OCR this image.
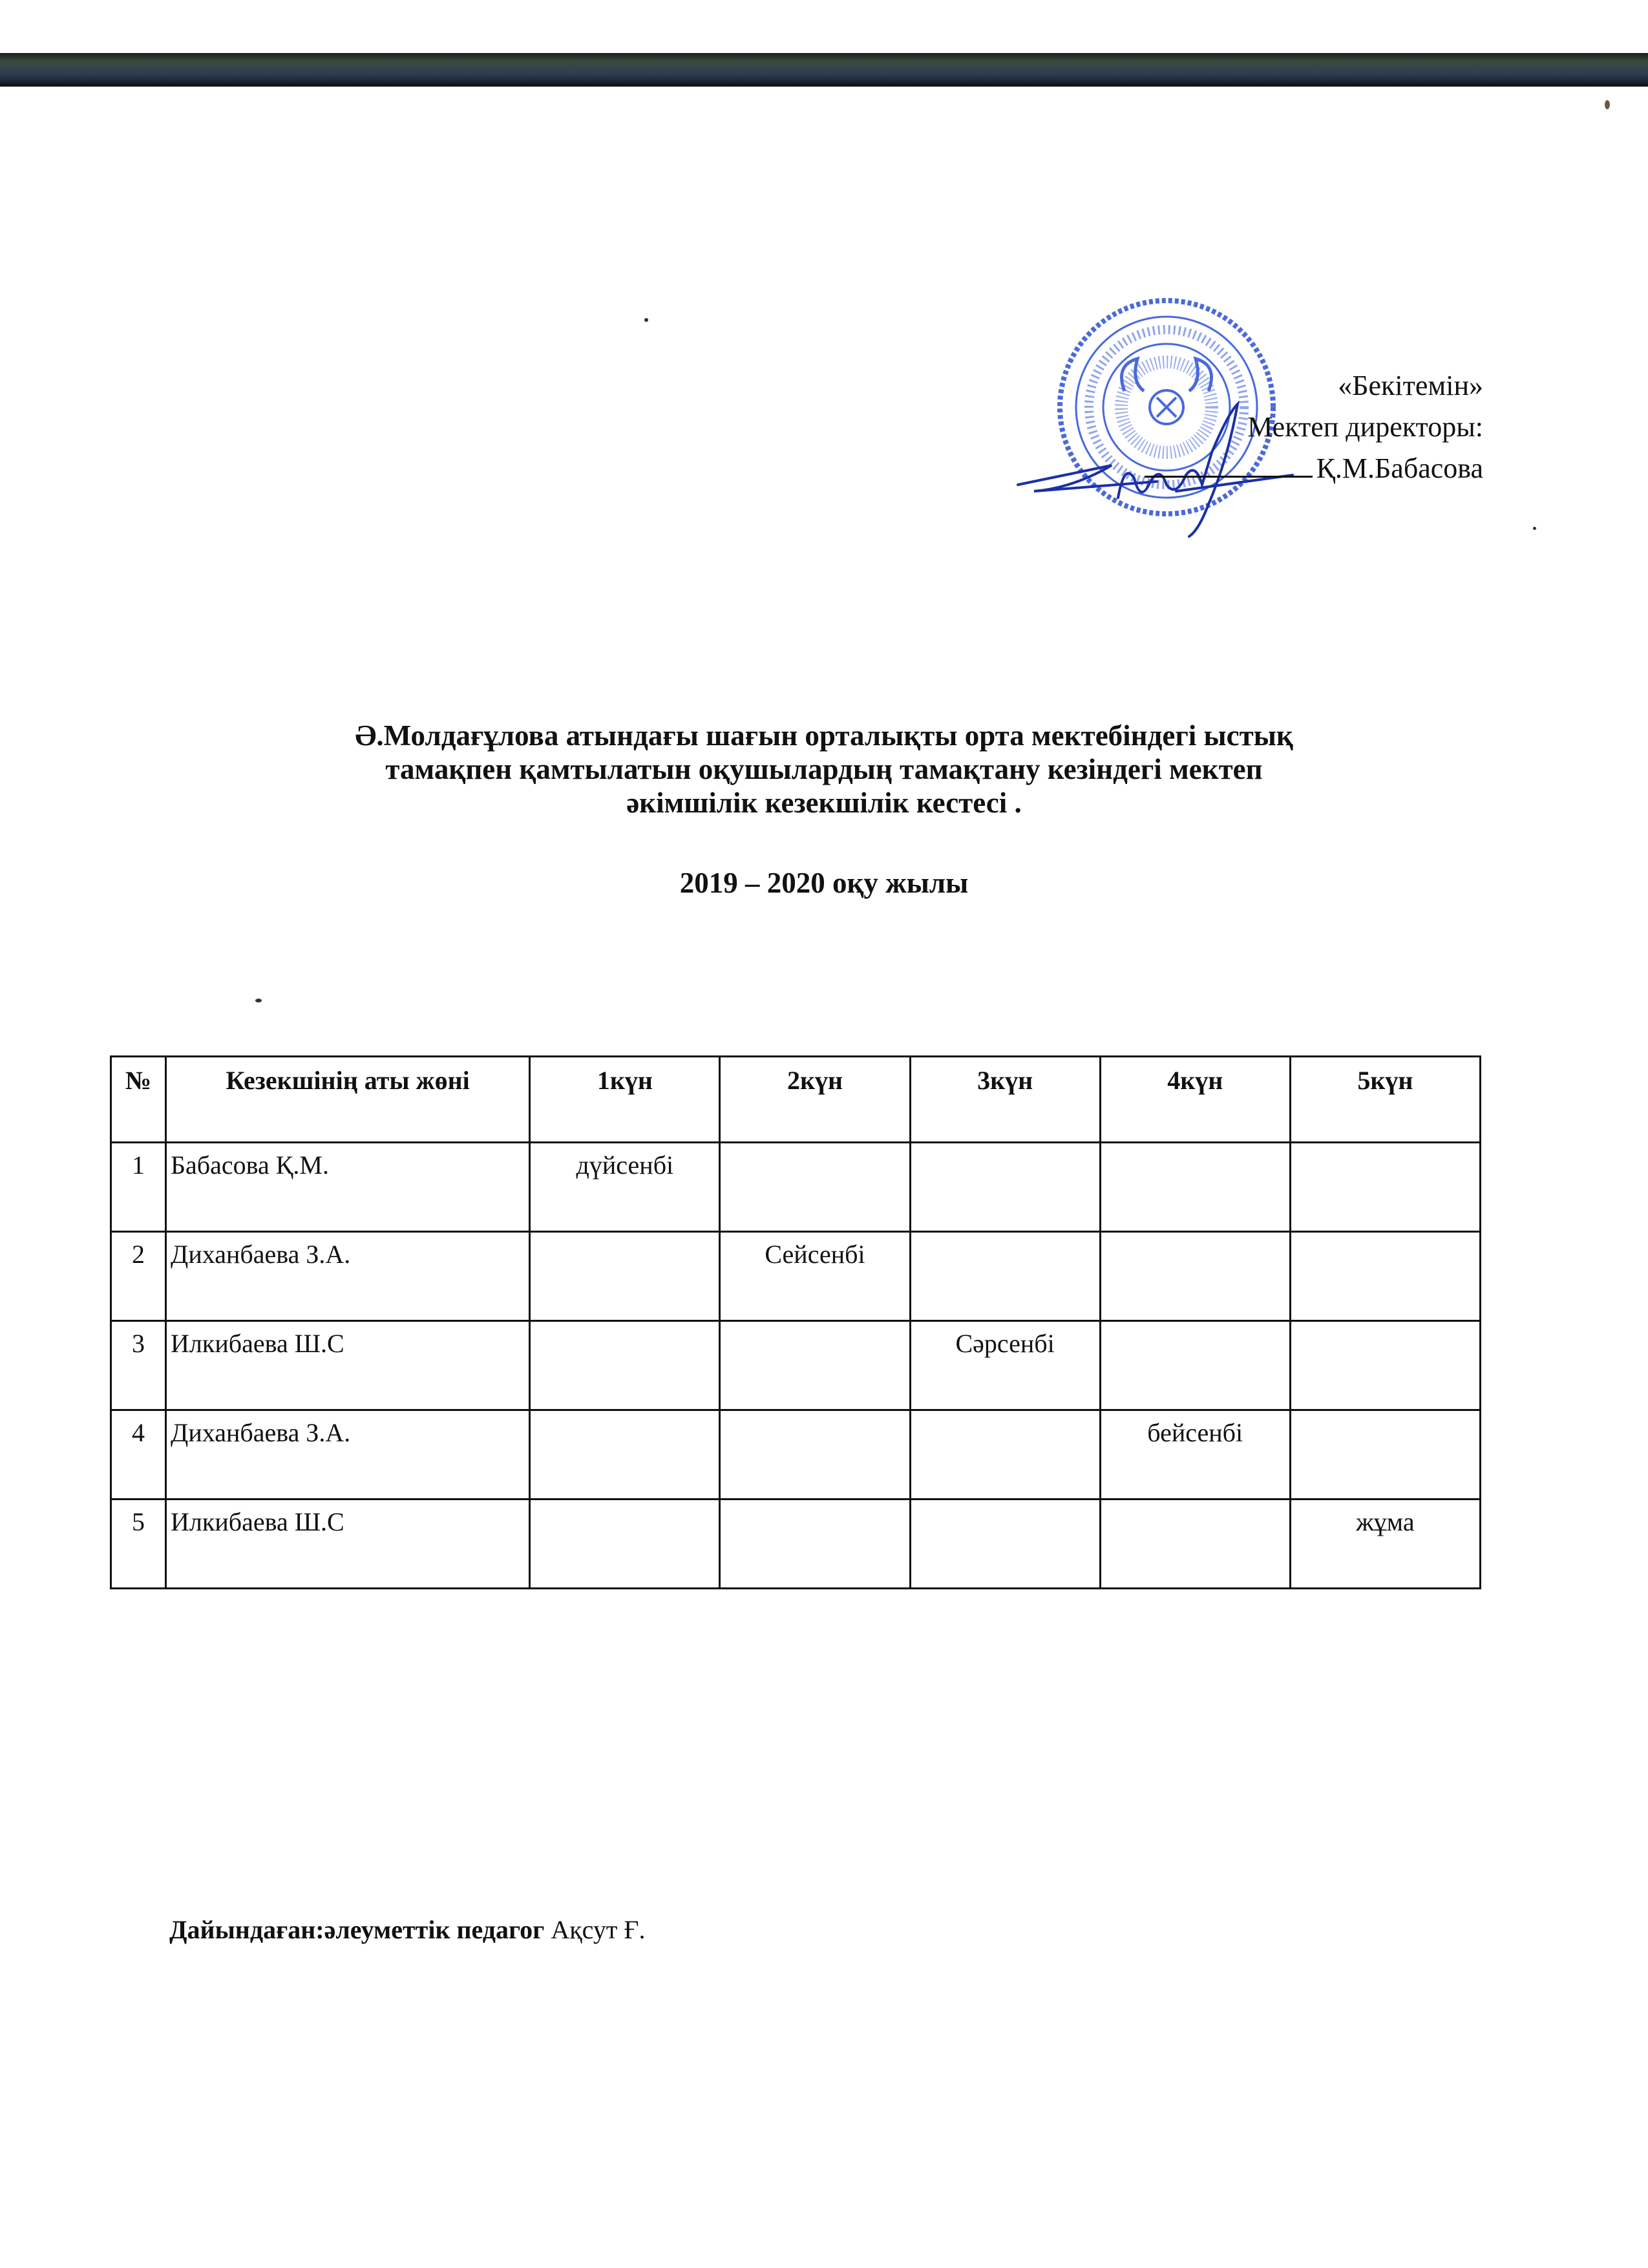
«Бекітемін»
Мектеп директоры:
Қ.М.Бабасова
Ә.Молдағұлова атындағы шағын орталықты орта мектебіндегі ыстық
тамақпен қамтылатын оқушылардың тамақтану кезіндегі мектеп
әкімшілік кезекшілік кестесі .
2019 – 2020 оқу жылы
№	Кезекшінің аты жөні	1күн	2күн	3күн	4күн	5күн
1	Бабасова Қ.М.	дүйсенбі				
2	Диханбаева З.А.		Сейсенбі			
3	Илкибаева Ш.С			Сәрсенбі		
4	Диханбаева З.А.				бейсенбі	
5	Илкибаева Ш.С					жұма
Дайындаған:әлеуметтік педагог Ақсут Ғ.
